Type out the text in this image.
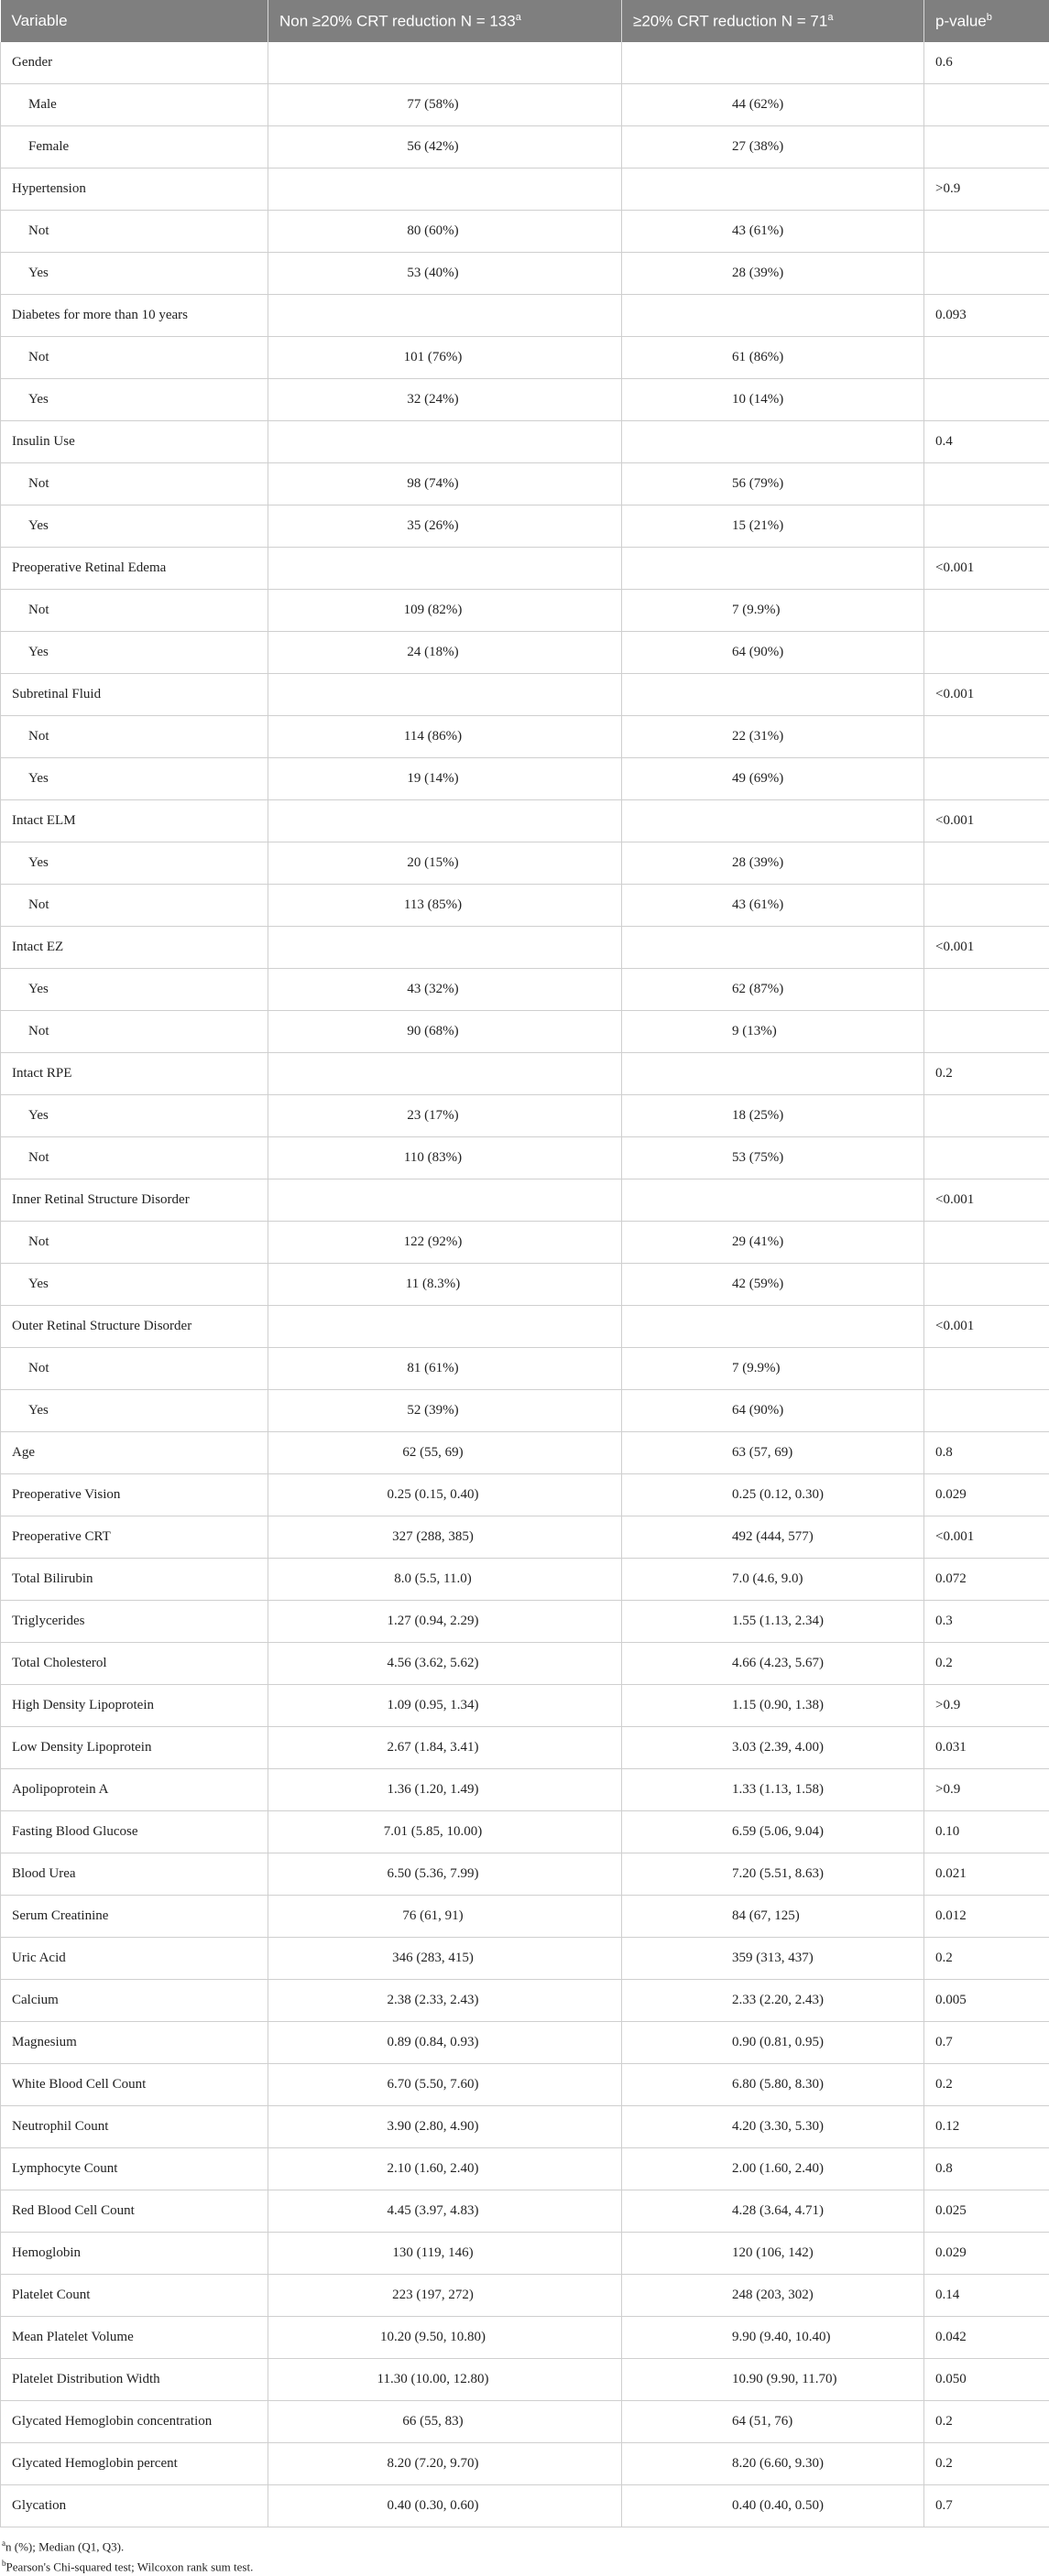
Variable	Non ≥20% CRT reduction $N = 133^a$	≥20% CRT reduction $N = 71^a$	p-value$^b$
Gender			0.6
Male	77 (58%)	44 (62%)	
Female	56 (42%)	27 (38%)	
Hypertension			>0.9
Not	80 (60%)	43 (61%)	
Yes	53 (40%)	28 (39%)	
Diabetes for more than 10 years			0.093
Not	101 (76%)	61 (86%)	
Yes	32 (24%)	10 (14%)	
Insulin Use			0.4
Not	98 (74%)	56 (79%)	
Yes	35 (26%)	15 (21%)	
Preoperative Retinal Edema			<0.001
Not	109 (82%)	7 (9.9%)	
Yes	24 (18%)	64 (90%)	
Subretinal Fluid			<0.001
Not	114 (86%)	22 (31%)	
Yes	19 (14%)	49 (69%)	
Intact ELM			<0.001
Yes	20 (15%)	28 (39%)	
Not	113 (85%)	43 (61%)	
Intact EZ			<0.001
Yes	43 (32%)	62 (87%)	
Not	90 (68%)	9 (13%)	
Intact RPE			0.2
Yes	23 (17%)	18 (25%)	
Not	110 (83%)	53 (75%)	
Inner Retinal Structure Disorder			<0.001
Not	122 (92%)	29 (41%)	
Yes	11 (8.3%)	42 (59%)	
Outer Retinal Structure Disorder			<0.001
Not	81 (61%)	7 (9.9%)	
Yes	52 (39%)	64 (90%)	
Age	62 (55, 69)	63 (57, 69)	0.8
Preoperative Vision	0.25 (0.15, 0.40)	0.25 (0.12, 0.30)	0.029
Preoperative CRT	327 (288, 385)	492 (444, 577)	<0.001
Total Bilirubin	8.0 (5.5, 11.0)	7.0 (4.6, 9.0)	0.072
Triglycerides	1.27 (0.94, 2.29)	1.55 (1.13, 2.34)	0.3
Total Cholesterol	4.56 (3.62, 5.62)	4.66 (4.23, 5.67)	0.2
High Density Lipoprotein	1.09 (0.95, 1.34)	1.15 (0.90, 1.38)	>0.9
Low Density Lipoprotein	2.67 (1.84, 3.41)	3.03 (2.39, 4.00)	0.031
Apolipoprotein A	1.36 (1.20, 1.49)	1.33 (1.13, 1.58)	>0.9
Fasting Blood Glucose	7.01 (5.85, 10.00)	6.59 (5.06, 9.04)	0.10
Blood Urea	6.50 (5.36, 7.99)	7.20 (5.51, 8.63)	0.021
Serum Creatinine	76 (61, 91)	84 (67, 125)	0.012
Uric Acid	346 (283, 415)	359 (313, 437)	0.2
Calcium	2.38 (2.33, 2.43)	2.33 (2.20, 2.43)	0.005
Magnesium	0.89 (0.84, 0.93)	0.90 (0.81, 0.95)	0.7
White Blood Cell Count	6.70 (5.50, 7.60)	6.80 (5.80, 8.30)	0.2
Neutrophil Count	3.90 (2.80, 4.90)	4.20 (3.30, 5.30)	0.12
Lymphocyte Count	2.10 (1.60, 2.40)	2.00 (1.60, 2.40)	0.8
Red Blood Cell Count	4.45 (3.97, 4.83)	4.28 (3.64, 4.71)	0.025
Hemoglobin	130 (119, 146)	120 (106, 142)	0.029
Platelet Count	223 (197, 272)	248 (203, 302)	0.14
Mean Platelet Volume	10.20 (9.50, 10.80)	9.90 (9.40, 10.40)	0.042
Platelet Distribution Width	11.30 (10.00, 12.80)	10.90 (9.90, 11.70)	0.050
Glycated Hemoglobin concentration	66 (55, 83)	64 (51, 76)	0.2
Glycated Hemoglobin percent	8.20 (7.20, 9.70)	8.20 (6.60, 9.30)	0.2
Glycation	0.40 (0.30, 0.60)	0.40 (0.40, 0.50)	0.7
$^a$n (%); Median (Q1, Q3).
$^b$Pearson's Chi-squared test; Wilcoxon rank sum test.
